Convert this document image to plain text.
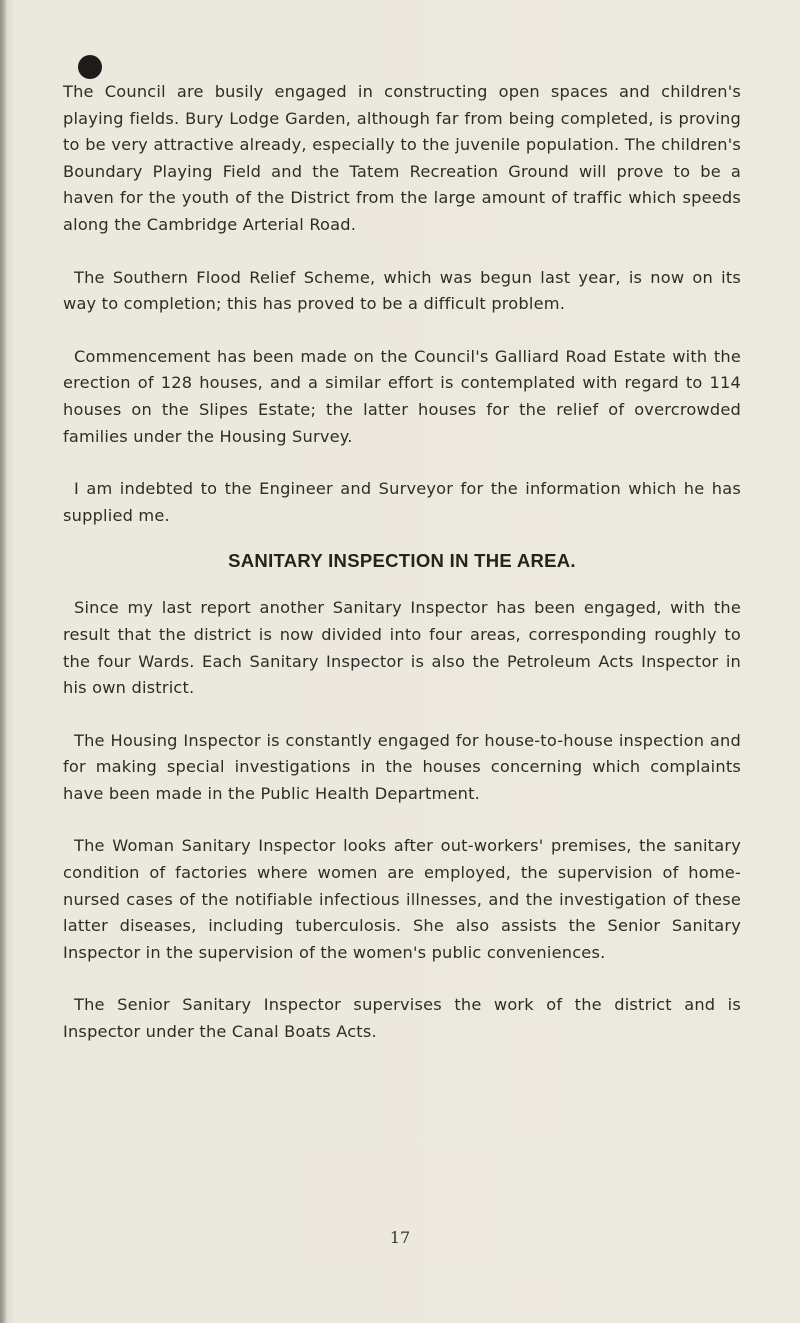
The Council are busily engaged in constructing open spaces and children's playing fields. Bury Lodge Garden, although far from being completed, is proving to be very attractive already, especially to the juvenile population. The children's Boundary Playing Field and the Tatem Recreation Ground will prove to be a haven for the youth of the District from the large amount of traffic which speeds along the Cambridge Arterial Road.

The Southern Flood Relief Scheme, which was begun last year, is now on its way to completion; this has proved to be a difficult problem.

Commencement has been made on the Council's Galliard Road Estate with the erection of 128 houses, and a similar effort is contemplated with regard to 114 houses on the Slipes Estate; the latter houses for the relief of overcrowded families under the Housing Survey.

I am indebted to the Engineer and Surveyor for the information which he has supplied me.

SANITARY INSPECTION IN THE AREA.

Since my last report another Sanitary Inspector has been engaged, with the result that the district is now divided into four areas, corresponding roughly to the four Wards. Each Sanitary Inspector is also the Petroleum Acts Inspector in his own district.

The Housing Inspector is constantly engaged for house-to-house inspection and for making special investigations in the houses concerning which complaints have been made in the Public Health Department.

The Woman Sanitary Inspector looks after out-workers' premises, the sanitary condition of factories where women are employed, the supervision of home-nursed cases of the notifiable infectious illnesses, and the investigation of these latter diseases, including tuberculosis. She also assists the Senior Sanitary Inspector in the supervision of the women's public conveniences.

The Senior Sanitary Inspector supervises the work of the district and is Inspector under the Canal Boats Acts.

17
